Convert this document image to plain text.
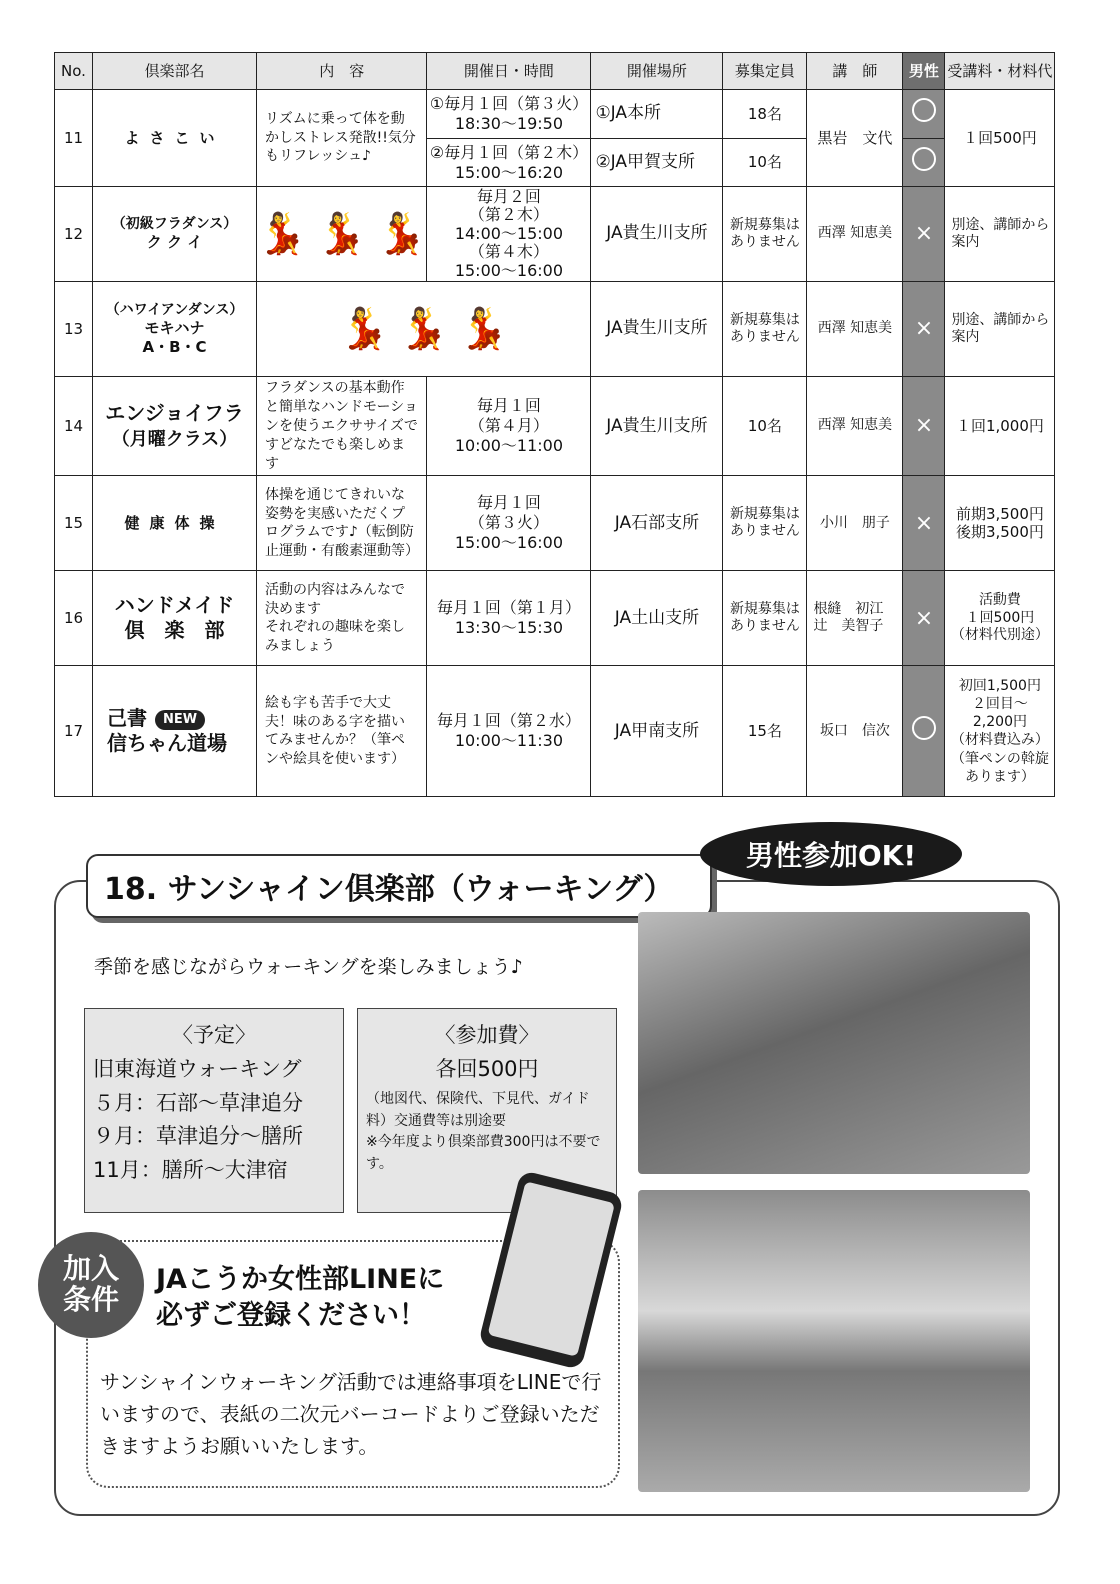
No.	倶楽部名	内　容	開催日・時間	開催場所	募集定員	講　師	男性	受講料・材料代
11	よさこい	リズムに乗って体を動かしストレス発散!!気分もリフレッシュ♪	①毎月１回（第３火）
18:30〜19:50	①JA本所	18名	黒岩　文代		１回500円
			②毎月１回（第２木）
15:00〜16:20	②JA甲賀支所	10名			
12	（初級フラダンス）
ク ク イ	💃 💃 💃	毎月２回
（第２木）
14:00〜15:00
（第４木）
15:00〜16:00	JA貴生川支所	新規募集は
ありません	西澤 知恵美	×	別途、講師から案内
13	（ハワイアンダンス）
モキハナ
A・B・C	💃 💃 💃		JA貴生川支所	新規募集は
ありません	西澤 知恵美	×	別途、講師から案内
14	エンジョイフラ
（月曜クラス）	フラダンスの基本動作と簡単なハンドモーションを使うエクササイズですどなたでも楽しめます	毎月１回
（第４月）
10:00〜11:00	JA貴生川支所	10名	西澤 知恵美	×	１回1,000円
15	健康体操	体操を通じてきれいな姿勢を実感いただくプログラムです♪（転倒防止運動・有酸素運動等）	毎月１回
（第３火）
15:00〜16:00	JA石部支所	新規募集は
ありません	小川　朋子	×	前期3,500円
後期3,500円
16	ハンドメイド
倶　楽　部	活動の内容はみんなで決めます
それぞれの趣味を楽しみましょう	毎月１回（第１月）
13:30〜15:30	JA土山支所	新規募集は
ありません	根縫　初江
辻　美智子	×	活動費
１回500円
（材料代別途）
17	己書 NEW
信ちゃん道場	絵も字も苦手で大丈夫！味のある字を描いてみませんか？（筆ペンや絵具を使います）	毎月１回（第２水）
10:00〜11:30	JA甲南支所	15名	坂口　信次		初回1,500円
２回目〜
2,200円
（材料費込み）
（筆ペンの斡旋あります）
18. サンシャイン倶楽部（ウォーキング）
男性参加OK!
季節を感じながらウォーキングを楽しみましょう♪
〈予定〉

旧東海道ウォーキング

５月：石部〜草津追分

９月：草津追分〜膳所

11月：膳所〜大津宿

〈参加費〉

各回500円

（地図代、保険代、下見代、ガイド料）交通費等は別途要

※今年度より倶楽部費300円は不要です。

加入
条件
JAこうか女性部LINEに
必ずご登録ください！
サンシャインウォーキング活動では連絡事項をLINEで行いますので、表紙の二次元バーコードよりご登録いただきますようお願いいたします。
